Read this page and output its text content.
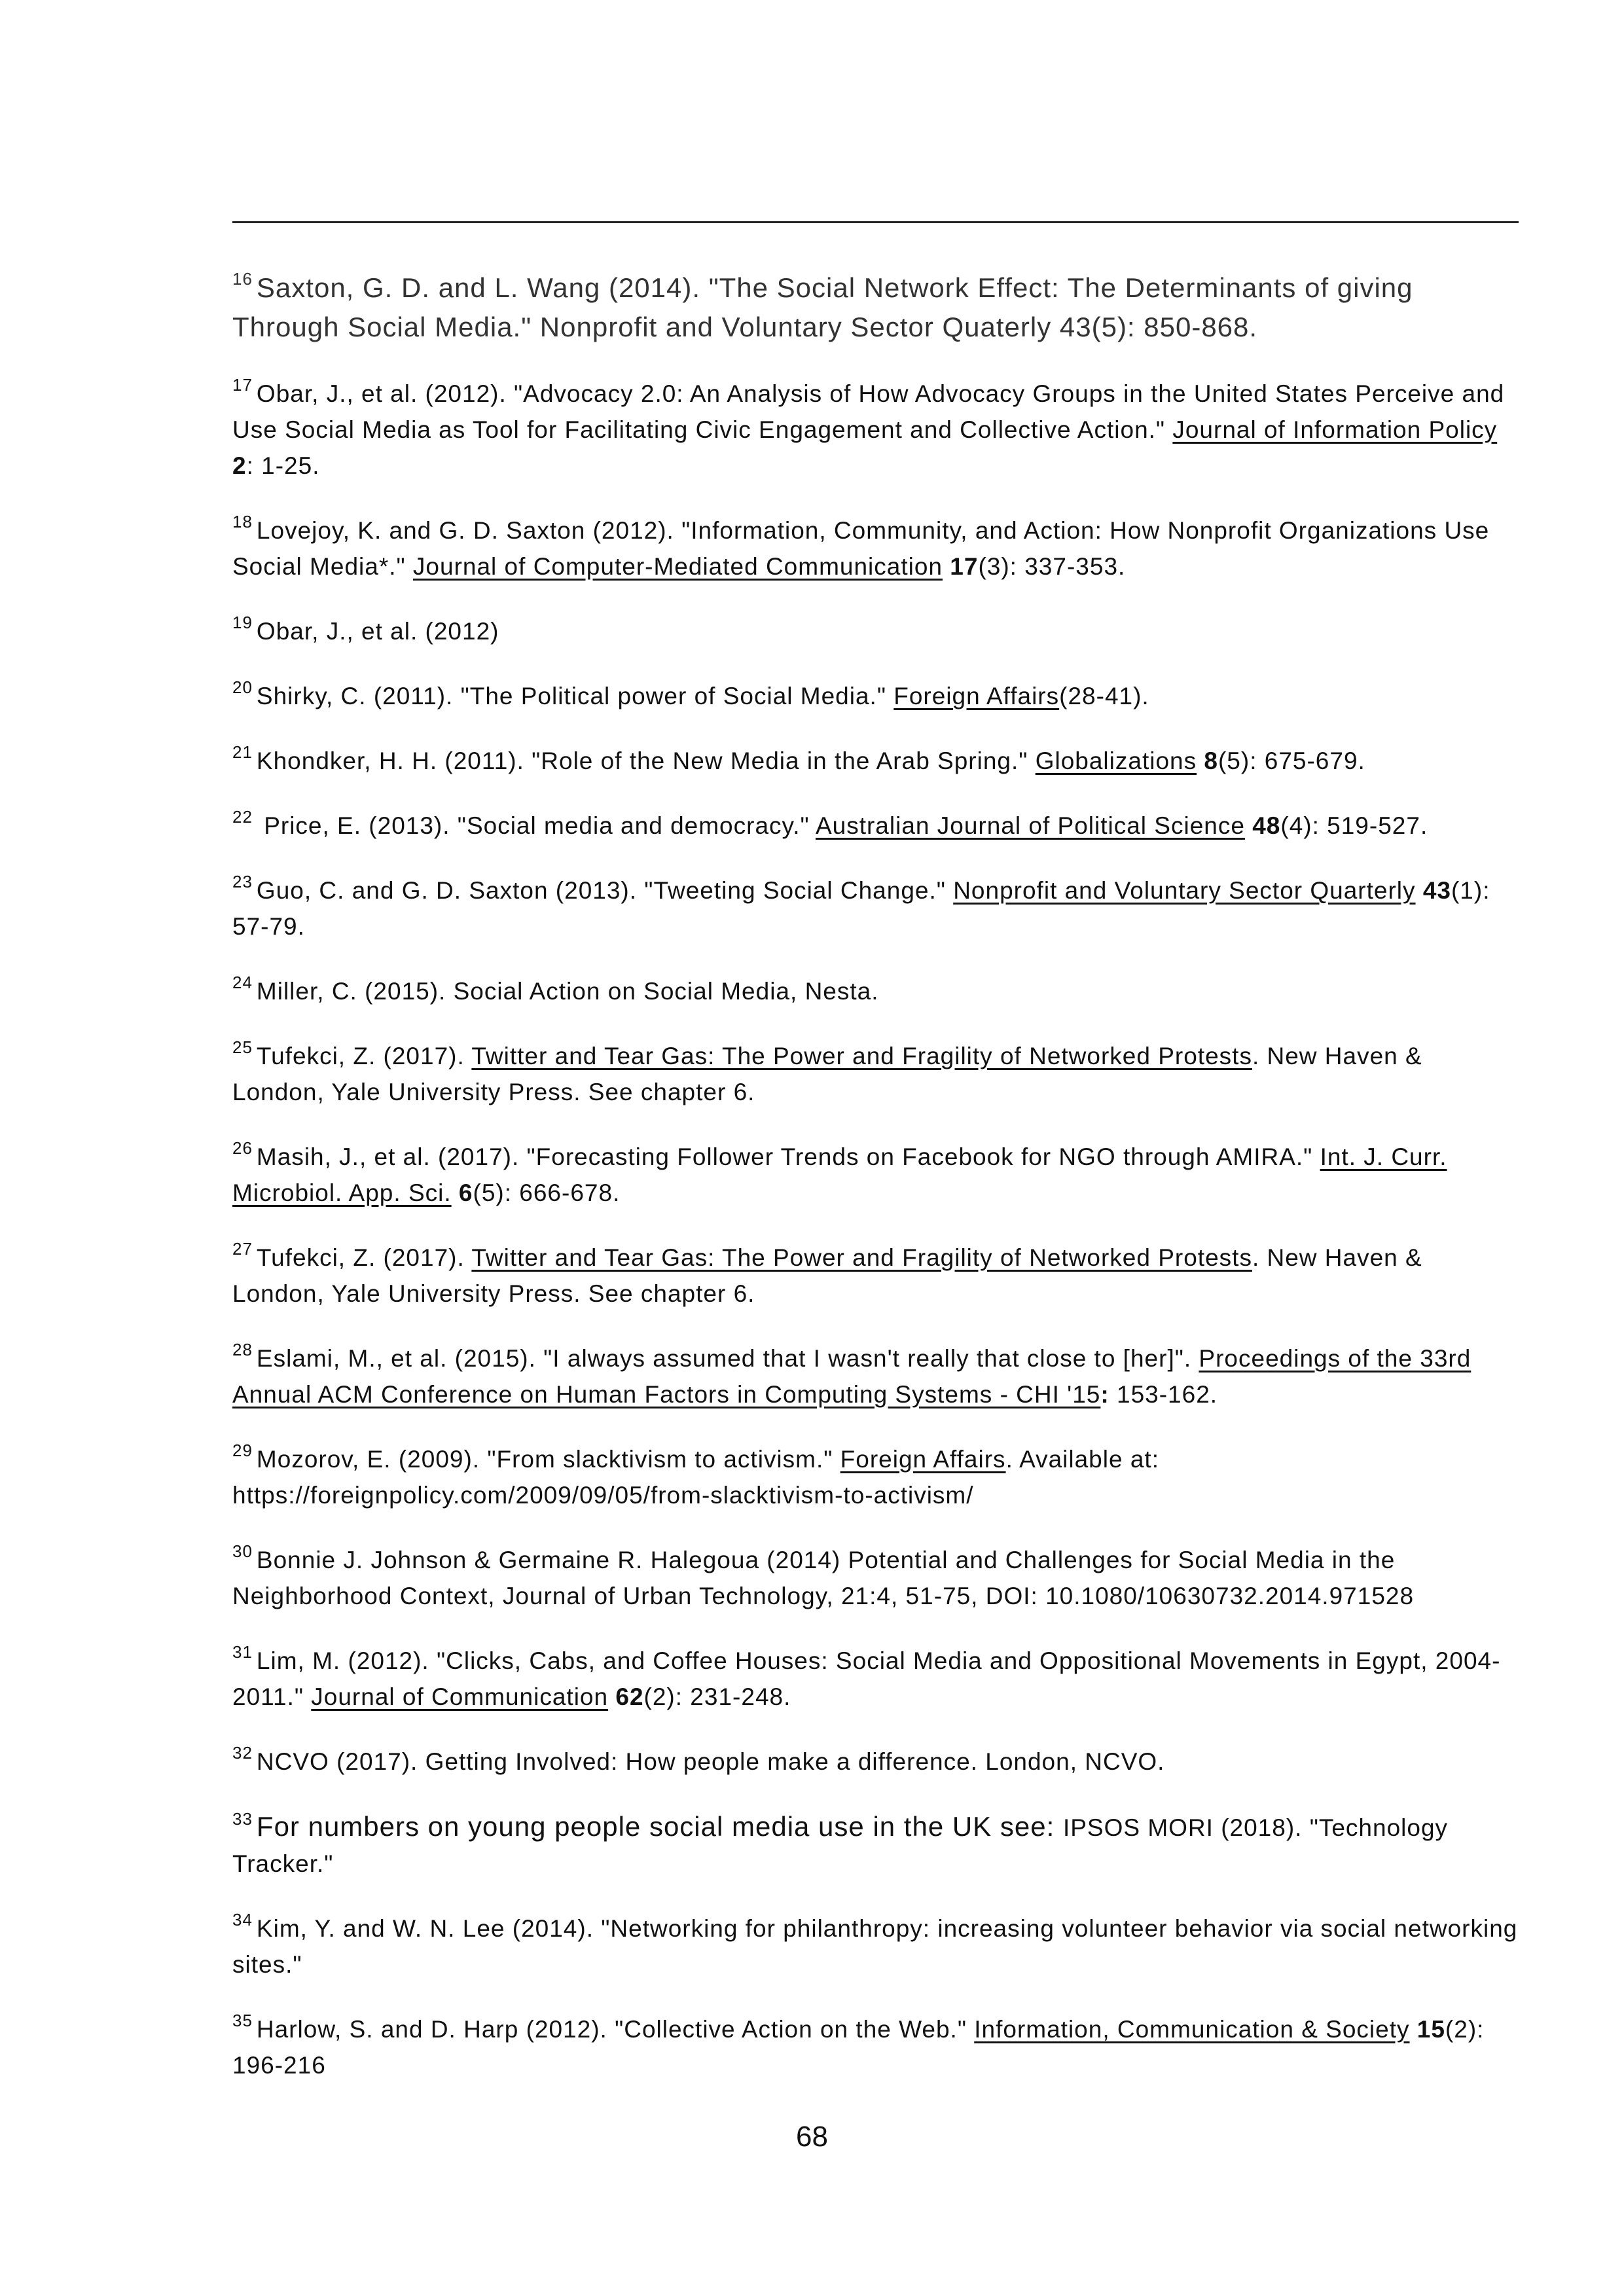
$^{16}$ Saxton, G. D. and L. Wang (2014). "The Social Network Effect: The Determinants of giving Through Social Media." Nonprofit and Voluntary Sector Quaterly 43(5): 850-868.

$^{17}$ Obar, J., et al. (2012). "Advocacy 2.0: An Analysis of How Advocacy Groups in the United States Perceive and Use Social Media as Tool for Facilitating Civic Engagement and Collective Action." Journal of Information Policy 2: 1-25.

$^{18}$ Lovejoy, K. and G. D. Saxton (2012). "Information, Community, and Action: How Nonprofit Organizations Use Social Media*." Journal of Computer-Mediated Communication 17(3): 337-353.

$^{19}$ Obar, J., et al. (2012)

$^{20}$ Shirky, C. (2011). "The Political power of Social Media." Foreign Affairs(28-41).

$^{21}$ Khondker, H. H. (2011). "Role of the New Media in the Arab Spring." Globalizations 8(5): 675-679.

$^{22}$ Price, E. (2013). "Social media and democracy." Australian Journal of Political Science 48(4): 519-527.

$^{23}$ Guo, C. and G. D. Saxton (2013). "Tweeting Social Change." Nonprofit and Voluntary Sector Quarterly 43(1): 57-79.

$^{24}$ Miller, C. (2015). Social Action on Social Media, Nesta.

$^{25}$ Tufekci, Z. (2017). Twitter and Tear Gas: The Power and Fragility of Networked Protests. New Haven & London, Yale University Press. See chapter 6.

$^{26}$ Masih, J., et al. (2017). "Forecasting Follower Trends on Facebook for NGO through AMIRA." Int. J. Curr. Microbiol. App. Sci. 6(5): 666-678.

$^{27}$ Tufekci, Z. (2017). Twitter and Tear Gas: The Power and Fragility of Networked Protests. New Haven & London, Yale University Press. See chapter 6.

$^{28}$ Eslami, M., et al. (2015). "I always assumed that I wasn't really that close to [her]". Proceedings of the 33rd Annual ACM Conference on Human Factors in Computing Systems - CHI '15: 153-162.

$^{29}$ Mozorov, E. (2009). "From slacktivism to activism." Foreign Affairs. Available at: https://foreignpolicy.com/2009/09/05/from-slacktivism-to-activism/

$^{30}$ Bonnie J. Johnson & Germaine R. Halegoua (2014) Potential and Challenges for Social Media in the Neighborhood Context, Journal of Urban Technology, 21:4, 51-75, DOI: 10.1080/10630732.2014.971528

$^{31}$ Lim, M. (2012). "Clicks, Cabs, and Coffee Houses: Social Media and Oppositional Movements in Egypt, 2004-2011." Journal of Communication 62(2): 231-248.

$^{32}$ NCVO (2017). Getting Involved: How people make a difference. London, NCVO.

$^{33}$ For numbers on young people social media use in the UK see: IPSOS MORI (2018). "Technology Tracker."

$^{34}$ Kim, Y. and W. N. Lee (2014). "Networking for philanthropy: increasing volunteer behavior via social networking sites."

$^{35}$ Harlow, S. and D. Harp (2012). "Collective Action on the Web." Information, Communication & Society 15(2): 196-216

68
